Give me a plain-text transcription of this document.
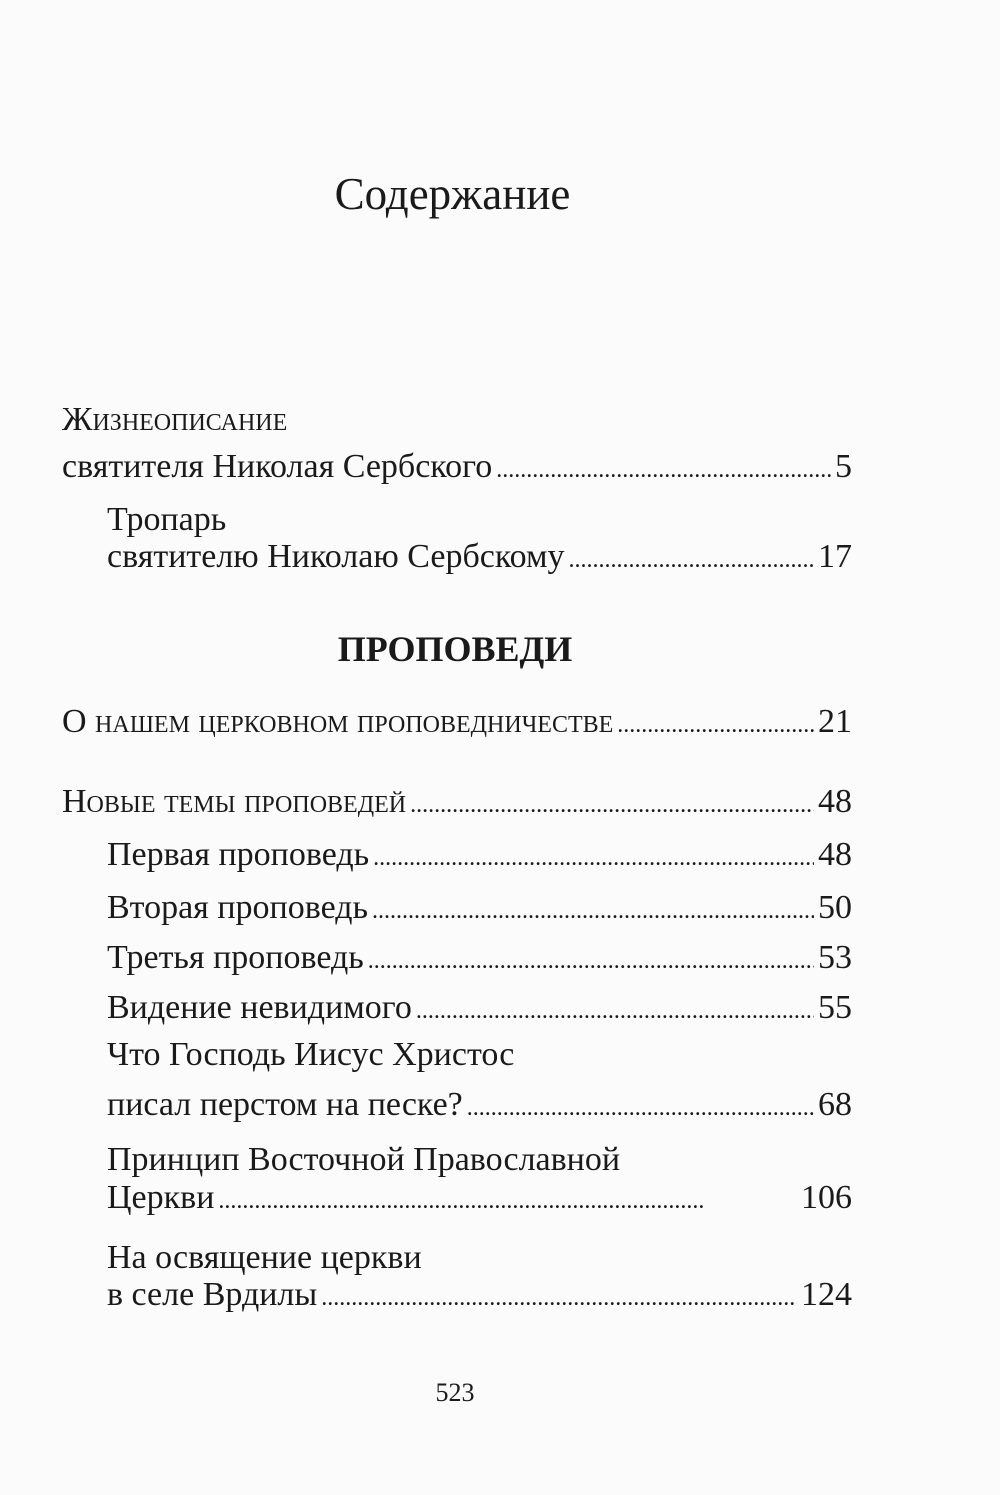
Содержание
Жизнеописание
святителя Николая Сербского . . .	5
Тропарь
святителю Николаю Сербскому . . .	17
ПРОПОВЕДИ
О нашем церковном проповедничестве . . .	21
Новые темы проповедей . . .	48
Первая проповедь . . .	48
Вторая проповедь . . .	50
Третья проповедь . . .	53
Видение невидимого . . .	55
Что Господь Иисус Христос
писал перстом на песке? . . .	68
Принцип Восточной Православной
Церкви . . .	106
На освящение церкви
в селе Врдилы . . .	124
523
